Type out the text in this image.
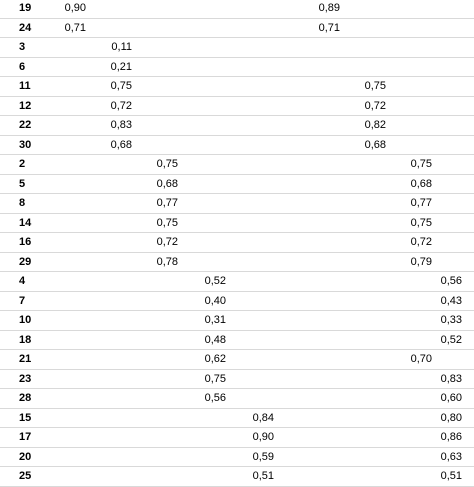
19	0,90					0,89			
24	0,71					0,71			
3		0,11							
6		0,21							
11		0,75					0,75		
12		0,72					0,72		
22		0,83					0,82		
30		0,68					0,68		
2			0,75					0,75	
5			0,68					0,68	
8			0,77					0,77	
14			0,75					0,75	
16			0,72					0,72	
29			0,78					0,79	
4				0,52					0,56
7				0,40					0,43
10				0,31					0,33
18				0,48					0,52
21				0,62				0,70	
23				0,75					0,83
28				0,56					0,60
15					0,84				0,80
17					0,90				0,86
20					0,59				0,63
25					0,51				0,51
